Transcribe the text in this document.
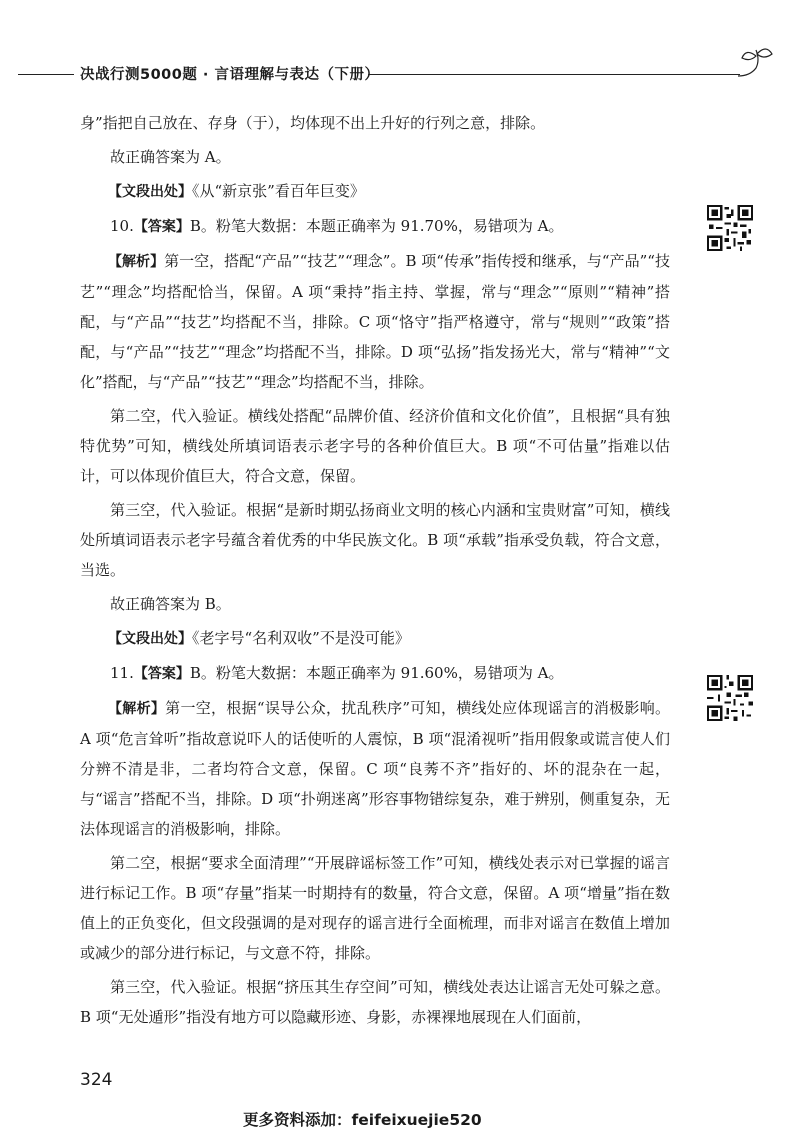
决战行测5000题 · 言语理解与表达（下册）

身”指把自己放在、存身（于），均体现不出上升好的行列之意，排除。

故正确答案为 A。

【文段出处】《从“新京张”看百年巨变》

10.【答案】B。粉笔大数据：本题正确率为 91.70%，易错项为 A。

【解析】第一空，搭配“产品”“技艺”“理念”。B 项“传承”指传授和继承，与“产品”“技艺”“理念”均搭配恰当，保留。A 项“秉持”指主持、掌握，常与“理念”“原则”“精神”搭配，与“产品”“技艺”均搭配不当，排除。C 项“恪守”指严格遵守，常与“规则”“政策”搭配，与“产品”“技艺”“理念”均搭配不当，排除。D 项“弘扬”指发扬光大，常与“精神”“文化”搭配，与“产品”“技艺”“理念”均搭配不当，排除。

第二空，代入验证。横线处搭配“品牌价值、经济价值和文化价值”，且根据“具有独特优势”可知，横线处所填词语表示老字号的各种价值巨大。B 项“不可估量”指难以估计，可以体现价值巨大，符合文意，保留。

第三空，代入验证。根据“是新时期弘扬商业文明的核心内涵和宝贵财富”可知，横线处所填词语表示老字号蕴含着优秀的中华民族文化。B 项“承载”指承受负载，符合文意，当选。

故正确答案为 B。

【文段出处】《老字号“名利双收”不是没可能》

11.【答案】B。粉笔大数据：本题正确率为 91.60%，易错项为 A。

【解析】第一空，根据“误导公众，扰乱秩序”可知，横线处应体现谣言的消极影响。A 项“危言耸听”指故意说吓人的话使听的人震惊，B 项“混淆视听”指用假象或谎言使人们分辨不清是非，二者均符合文意，保留。C 项“良莠不齐”指好的、坏的混杂在一起，与“谣言”搭配不当，排除。D 项“扑朔迷离”形容事物错综复杂，难于辨别，侧重复杂，无法体现谣言的消极影响，排除。

第二空，根据“要求全面清理”“开展辟谣标签工作”可知，横线处表示对已掌握的谣言进行标记工作。B 项“存量”指某一时期持有的数量，符合文意，保留。A 项“增量”指在数值上的正负变化，但文段强调的是对现存的谣言进行全面梳理，而非对谣言在数值上增加或减少的部分进行标记，与文意不符，排除。

第三空，代入验证。根据“挤压其生存空间”可知，横线处表达让谣言无处可躲之意。B 项“无处遁形”指没有地方可以隐藏形迹、身影，赤裸裸地展现在人们面前，

324
更多资料添加：feifeixuejie520
